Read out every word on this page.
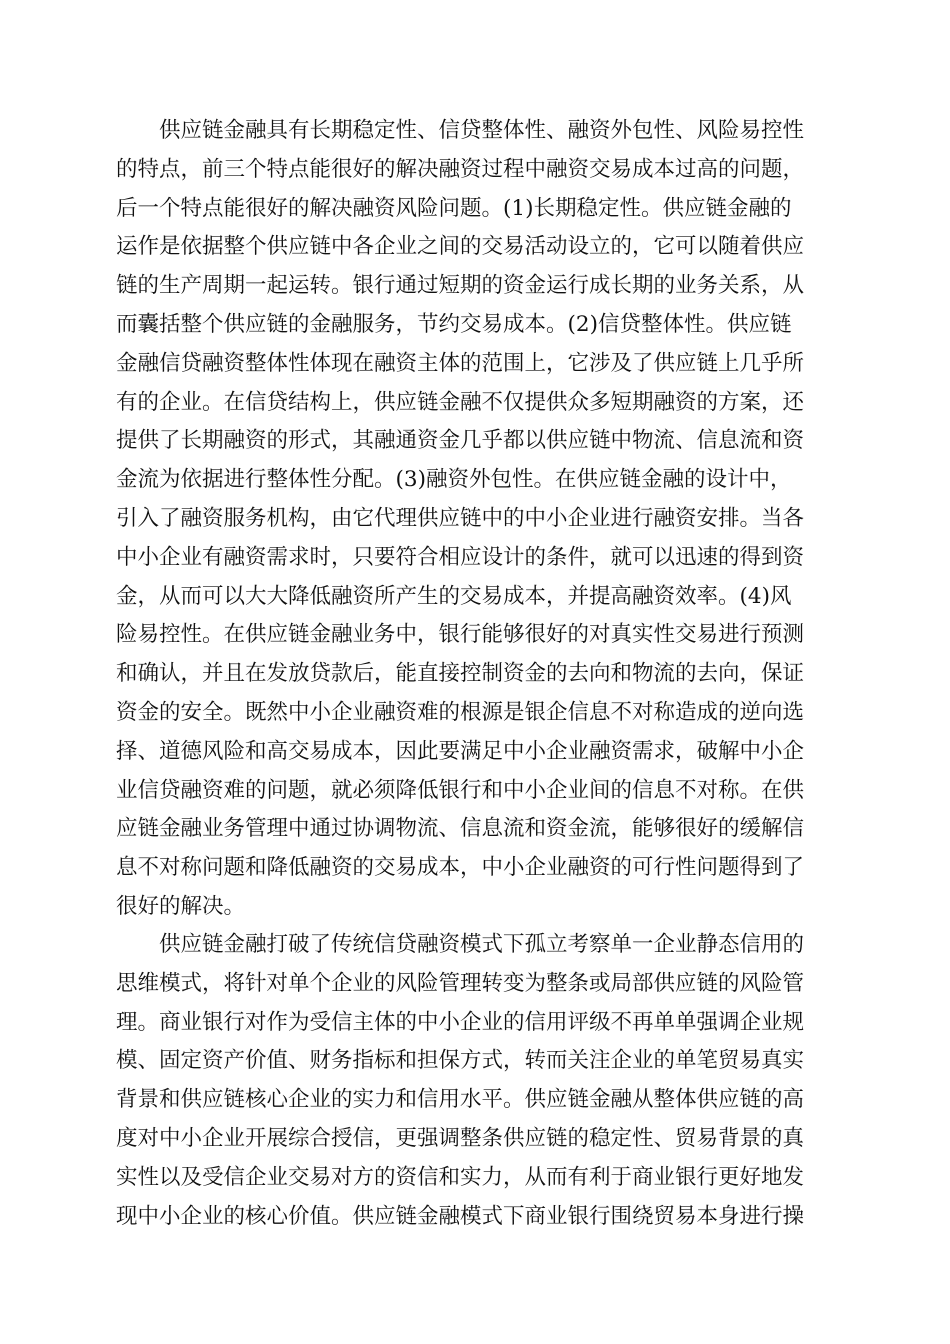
　　供应链金融具有长期稳定性、信贷整体性、融资外包性、风险易控性
的特点，前三个特点能很好的解决融资过程中融资交易成本过高的问题，
后一个特点能很好的解决融资风险问题。(1)长期稳定性。供应链金融的
运作是依据整个供应链中各企业之间的交易活动设立的，它可以随着供应
链的生产周期一起运转。银行通过短期的资金运行成长期的业务关系，从
而囊括整个供应链的金融服务，节约交易成本。(2)信贷整体性。供应链
金融信贷融资整体性体现在融资主体的范围上，它涉及了供应链上几乎所
有的企业。在信贷结构上，供应链金融不仅提供众多短期融资的方案，还
提供了长期融资的形式，其融通资金几乎都以供应链中物流、信息流和资
金流为依据进行整体性分配。(3)融资外包性。在供应链金融的设计中，
引入了融资服务机构，由它代理供应链中的中小企业进行融资安排。当各
中小企业有融资需求时，只要符合相应设计的条件，就可以迅速的得到资
金，从而可以大大降低融资所产生的交易成本，并提高融资效率。(4)风
险易控性。在供应链金融业务中，银行能够很好的对真实性交易进行预测
和确认，并且在发放贷款后，能直接控制资金的去向和物流的去向，保证
资金的安全。既然中小企业融资难的根源是银企信息不对称造成的逆向选
择、道德风险和高交易成本，因此要满足中小企业融资需求，破解中小企
业信贷融资难的问题，就必须降低银行和中小企业间的信息不对称。在供
应链金融业务管理中通过协调物流、信息流和资金流，能够很好的缓解信
息不对称问题和降低融资的交易成本，中小企业融资的可行性问题得到了
很好的解决。
　　供应链金融打破了传统信贷融资模式下孤立考察单一企业静态信用的
思维模式，将针对单个企业的风险管理转变为整条或局部供应链的风险管
理。商业银行对作为受信主体的中小企业的信用评级不再单单强调企业规
模、固定资产价值、财务指标和担保方式，转而关注企业的单笔贸易真实
背景和供应链核心企业的实力和信用水平。供应链金融从整体供应链的高
度对中小企业开展综合授信，更强调整条供应链的稳定性、贸易背景的真
实性以及受信企业交易对方的资信和实力，从而有利于商业银行更好地发
现中小企业的核心价值。供应链金融模式下商业银行围绕贸易本身进行操
